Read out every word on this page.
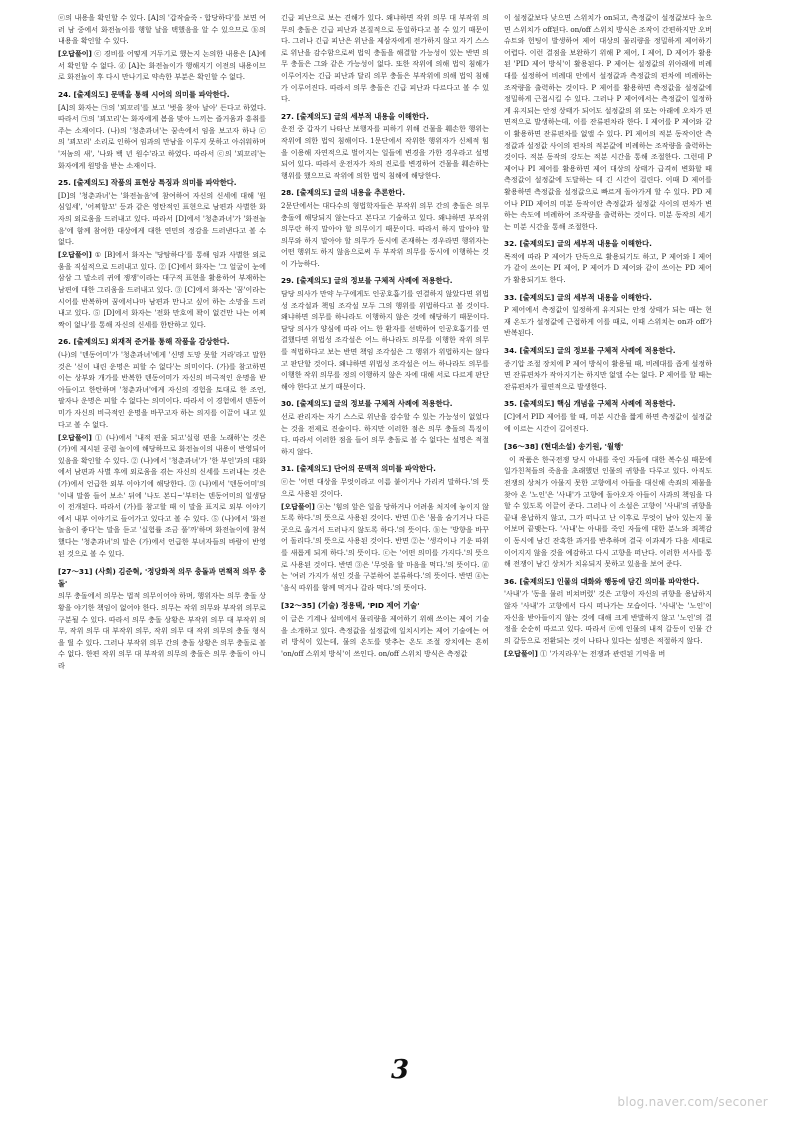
ⓔ의 내용을 확인할 수 있다. [A]의 '갑작술죽 - 합당하다'를 보면 여러 남 중에서 화전놀이를 행할 날을 택했음을 알 수 있으므로 ⓑ의 내용을 확인할 수 있다.

[오답풀이] ⓒ 경비를 어떻게 거두기로 했는지 논의한 내용은 [A]에서 확인할 수 없다. ⓓ [A]는 화전놀이가 행해지기 이전의 내용이므로 화전놀이 후 다시 만나기로 약속한 부분은 확인할 수 없다.

24. [출제의도] 문맥을 통해 시어의 의미를 파악한다.

[A]의 화자는 ㉠의 '꾀꼬리'를 보고 '벗을 찾아 날아' 든다고 하였다. 따라서 ㉠의 '꾀꼬리'는 화자에게 봄을 맞아 느끼는 즐거움과 흥취를 주는 소재이다. (나)의 '청춘과녀'는 꿈속에서 임을 보고자 하나 ⓒ의 '꾀꼬리' 소리로 인하여 임과의 만남을 이루지 못하고 아쉬워하며 '저놈의 새', '나와 백 년 원수'라고 하였다. 따라서 ⓒ의 '꾀꼬리'는 화자에게 원망을 받는 소재이다.

25. [출제의도] 작품의 표현상 특징과 의미를 파악한다.

[D]의 '청춘과녀'는 '화전놀음'에 참여하여 자신의 신세에 대해 '원심일세', '어찌할꼬' 등과 같은 영탄적인 표현으로 남편과 사별한 화자의 외로움을 드러내고 있다. 따라서 [D]에서 '청춘과녀'가 '화전놀음'에 함께 참여한 대상에게 대한 연민의 정감을 드러낸다고 볼 수 없다.

[오답풀이] ① [B]에서 화자는 '당탐하다'를 통해 임과 사별한 외로움을 직설적으로 드러내고 있다. ② [C]에서 화자는 '그 얼굴이 눈에 삼삼 그 말소리 귀에 쟁쟁'이라는 대구적 표현을 활용하여 부재하는 남편에 대한 그리움을 드러내고 있다. ③ [C]에서 화자는 '꿈'이라는 시어를 반복하며 꿈에서나마 남편과 만나고 싶어 하는 소망을 드러내고 있다. ⑤ [D]에서 화자는 '전화 만호에 꽉이 없건만 나는 어찌 짝이 없나'를 통해 자신의 신세를 한탄하고 있다.

26. [출제의도] 외재적 준거를 통해 작품을 감상한다.

(나)의 '덴동어미'가 '청춘과녀'에게 '신명 도망 못할 거라'라고 말한 것은 '신이 내린 운명은 피할 수 없다'는 의미이다. (가)를 참고하면 이는 상부와 개가를 반복한 덴동어미가 자신의 비극적인 운명을 받아들이고 한탄하며 '청춘과녀'에게 자신의 경험을 토대로 한 조언, 팔자나 운명은 피할 수 없다는 의미이다. 따라서 이 경험에서 덴동어미가 자신의 비극적인 운명을 바꾸고자 하는 의지를 이끌어 내고 있다고 볼 수 없다.

[오답풀이] ① (나)에서 '내적 편울 되고'실렁 편을 노래하'는 것은 (가)에 제시된 공렴 놀이에 해당하므로 화전놀이의 내용이 반영되어 있음을 확인할 수 있다. ② (나)에서 '청춘과녀'가 '한 부인'과의 대화에서 남편과 사별 후에 외로움을 겪는 자신의 신세를 드러내는 것은 (가)에서 언급한 외부 이야기에 해당한다. ③ (나)에서 '덴동어미'의 '이내 말씀 들어 보소' 뒤에 '나도 본디~'부터는 덴동어미의 일생담이 전개된다. 따라서 (가)를 참고할 때 이 말을 표지로 외부 이야기에서 내부 이야기로 들어가고 있다고 볼 수 있다. ⑤ (나)에서 '화전놀음이 좋다'는 말을 듣고 '실험률 조금 풀'까'하며 화전놀이에 참석했다는 '청춘과녀'의 말은 (가)에서 언급한 부녀자들의 바람이 반영된 것으로 볼 수 있다.

[27～31] (사회) 김준혁, '정당화적 의무 충돌과 면책적 의무 충돌'

의무 충돌에서 의무는 법적 의무이어야 하며, 행위자는 의무 충돌 상황을 야기한 책임이 없어야 한다. 의무는 작위 의무와 부작위 의무로 구분될 수 있다. 따라서 의무 충돌 상황은 부작위 의무 대 부작위 의무, 작위 의무 대 부작위 의무, 작위 의무 대 작위 의무의 충돌 형식을 띨 수 있다. 그러나 부작위 의무 간의 충돌 상황은 의무 충돌로 볼 수 없다. 한편 작위 의무 대 부작위 의무의 충돌은 의무 충돌이 아니라

긴급 피난으로 보는 견해가 있다. 왜냐하면 작위 의무 대 부작위 의무의 충돌은 긴급 피난과 본질적으로 동일하다고 볼 수 있기 때문이다. 그러나 긴급 피난은 위난을 제삼자에게 전가하지 않고 자기 스스로 위난을 감수함으로써 법익 충돌을 해결할 가능성이 있는 반면 의무 충돌은 그와 같은 가능성이 없다. 또한 작위에 의해 법익 침해가 이루어지는 긴급 피난과 달리 의무 충돌은 부작위에 의해 법익 침해가 이루어진다. 따라서 의무 충돌은 긴급 피난과 다르다고 볼 수 있다.

27. [출제의도] 글의 세부적 내용을 이해한다.

운전 중 갑자기 나타난 보행자를 피하기 위해 건물을 훼손한 행위는 작위에 의한 법익 침해이다. 1문단에서 작위한 행위자가 신체적 힘을 이용해 자연적으로 벌어지는 일들에 변경을 가한 경우라고 설명되어 있다. 따라서 운전자가 차의 진로를 변경하여 건물을 훼손하는 행위를 했으므로 작위에 의한 법익 침해에 해당한다.

28. [출제의도] 글의 내용을 추론한다.

2문단에서는 대다수의 형법학자들은 부작위 의무 간의 충돌은 의무 충돌에 해당되지 않는다고 본다고 기술하고 있다. 왜냐하면 부작위 의무란 하지 말아야 할 의무이기 때문이다. 따라서 하지 말아야 할 의무와 하지 말아야 할 의무가 동시에 존재하는 경우라면 행위자는 어떤 행위도 하지 않음으로써 두 부작위 의무를 동시에 이행하는 것이 가능하다.

29. [출제의도] 글의 정보를 구체적 사례에 적용한다.

담당 의사가 만약 누구에게도 인공호흡기를 연결하지 않았다면 위법성 조각설과 책임 조각설 모두 그의 행위를 위법하다고 볼 것이다. 왜냐하면 의무를 하나라도 이행하지 않은 것에 해당하기 때문이다. 담당 의사가 양심에 따라 어느 한 환자를 선택하여 인공호흡기를 연결했다면 위법성 조각설은 어느 하나라도 의무를 이행한 작위 의무를 적법하다고 보는 반면 책임 조각설은 그 행위가 위법하지는 않다고 판단할 것이다. 왜냐하면 위법성 조각설은 어느 하나라도 의무를 이행한 작위 의무를 정의 이행하지 않은 자에 대해 서로 다르게 판단해야 한다고 보기 때문이다.

30. [출제의도] 글의 정보를 구체적 사례에 적용한다.

선로 관리자는 자기 스스로 위난을 감수할 수 있는 가능성이 없었다는 것을 전제로 진술이다. 하지만 이러한 점은 의무 충돌의 특징이다. 따라서 이러한 점을 들어 의무 충돌로 볼 수 없다는 설명은 적절하지 않다.

31. [출제의도] 단어의 문맥적 의미를 파악한다.

ⓔ는 '어떤 대상을 무엇이라고 이름 붙이거나 가리켜 말하다.'의 뜻으로 사용된 것이다.

[오답풀이] ⓐ는 '힘의 앞은 일을 당하거나 어려움 처지에 놓이지 않도록 하다.'의 뜻으로 사용된 것이다. 반면 ①은 '몸을 숨기거나 다른 곳으로 옮겨서 드러나지 않도록 하다.'의 뜻이다. ⓑ는 '방향을 바꾸어 돌리다.'의 뜻으로 사용된 것이다. 반면 ②는 '생각이나 기운 따위를 새롭게 되게 하다.'의 뜻이다. ⓒ는 '어떤 의미를 가지다.'의 뜻으로 사용된 것이다. 반면 ③은 '무엇을 할 마음을 먹다.'의 뜻이다. ⓓ는 '여러 가지가 섞인 것을 구분하여 분류하다.'의 뜻이다. 반면 ④는 '음식 따위를 함께 먹거나 갈라 먹다.'의 뜻이다.

[32～35] (기술) 정용택, 'PID 제어 기술'

이 글은 기계나 설비에서 물리량을 제어하기 위해 쓰이는 제어 기술을 소개하고 있다. 측정값을 설정값에 일치시키는 제어 기술에는 여러 방식이 있는데, 물의 온도를 맞추는 온도 조절 장치에는 흔히 'on/off 스위치 방식'이 쓰인다. on/off 스위치 방식은 측정값

이 설정값보다 낮으면 스위치가 on되고, 측정값이 설정값보다 높으면 스위치가 off된다. on/off 스위치 방식은 조작이 간편하지만 오버슈트와 헌팅이 발생하여 제어 대상의 물리량을 정밀하게 제어하기 어렵다. 이런 결점을 보완하기 위해 P 제어, I 제어, D 제어가 활용된 'PID 제어 방식'이 활용된다. P 제어는 설정값의 위아래에 비례대를 설정하여 비례대 안에서 설정값과 측정값의 편차에 비례하는 조작량을 출력하는 것이다. P 제어를 활용하면 측정값을 설정값에 정밀하게 근접시킬 수 있다. 그러나 P 제어에서는 측정값이 일정하게 유지되는 안정 상태가 되어도 설정값의 위 또는 아래에 오차가 편면적으로 발생하는데, 이를 잔류편차라 한다. I 제어를 P 제어와 같이 활용하면 잔류편차를 없앨 수 있다. PI 제어의 적분 동작이란 측정값과 설정값 사이의 편차의 적분값에 비례하는 조작량을 출력하는 것이다. 적분 동작의 강도는 적분 시간을 통해 조절한다. 그런데 P 제어나 PI 제어를 활용하면 제어 대상의 상태가 급격히 변화할 때 측정값이 설정값에 도달하는 데 긴 시간이 걸린다. 이때 D 제어를 활용하면 측정값을 설정값으로 빠르게 돌아가게 할 수 있다. PD 제어나 PID 제어의 미분 동작이란 측정값과 설정값 사이의 편차가 변하는 속도에 비례하여 조작량을 출력하는 것이다. 미분 동작의 세기는 미분 시간을 통해 조절한다.

32. [출제의도] 글의 세부적 내용을 이해한다.

목적에 따라 P 제어가 단독으로 활용되기도 하고, P 제어와 I 제어가 같이 쓰이는 PI 제어, P 제어가 D 제어와 같이 쓰이는 PD 제어가 활용되기도 한다.

33. [출제의도] 글의 세부적 내용을 이해한다.

P 제어에서 측정값이 일정하게 유지되는 안정 상태가 되는 때는 현재 온도가 설정값에 근접하게 이를 때로, 이때 스위치는 on과 off가 반복된다.

34. [출제의도] 글의 정보를 구체적 사례에 적용한다.

증기압 조절 장치에 P 제어 방식이 활용될 때, 비례대를 좁게 설정하면 잔류편차가 작아지기는 하지만 없앨 수는 없다. P 제어를 할 때는 잔류편차가 필연적으로 발생한다.

35. [출제의도] 핵심 개념을 구체적 사례에 적용한다.

[C]에서 PID 제어를 할 때, 미분 시간을 짧게 하면 측정값이 설정값에 이르는 시간이 길어진다.

[36～38] (현대소설) 송기원, '월행'

이 작품은 한국전쟁 당시 아내를 죽인 자들에 대한 복수심 때문에 일가친척들의 죽음을 초래했던 인물의 귀향을 다루고 있다. 아직도 전쟁의 상처가 아물지 못한 고향에서 아들을 대신해 속죄의 제물을 찾아 온 '노인'은 '사내'가 고향에 돌아오자 아들이 사과의 책임을 다할 수 있도록 이끌어 준다. 그러나 이 소설은 고향이 '사내'의 귀향을 끝내 용납하지 않고, 그가 떠나고 난 이후로 무엇이 남아 있는지 물어보며 끝맺는다. '사내'는 아내를 죽인 자들에 대한 분노와 죄책감이 동시에 남긴 잔혹한 과거를 반추하며 결국 이과제가 다음 세대로 이어지지 않을 것을 예감하고 다시 고향을 떠난다. 이러한 서사를 통해 전쟁이 남긴 상처가 치유되지 못하고 있음을 보여 준다.

36. [출제의도] 인물의 대화와 행동에 담긴 의미를 파악한다.

'사내'가 '동을 물러 비쳐버렸' 것은 고향이 자신의 귀향을 용납하지 않자 '사내'가 고향에서 다시 떠나가는 모습이다. '사내'는 '노인'이 자신을 받아들이지 않는 것에 대해 크게 반발하지 않고 '노인'의 결정을 순순히 따르고 있다. 따라서 ⓔ에 인물의 내적 갈등이 인물 간의 갈등으로 전환되는 것이 나타나 있다는 설명은 적절하지 않다.

[오답풀이] ① '가지라우'는 전쟁과 관련된 기억을 버

3
blog.naver.com/seconer
